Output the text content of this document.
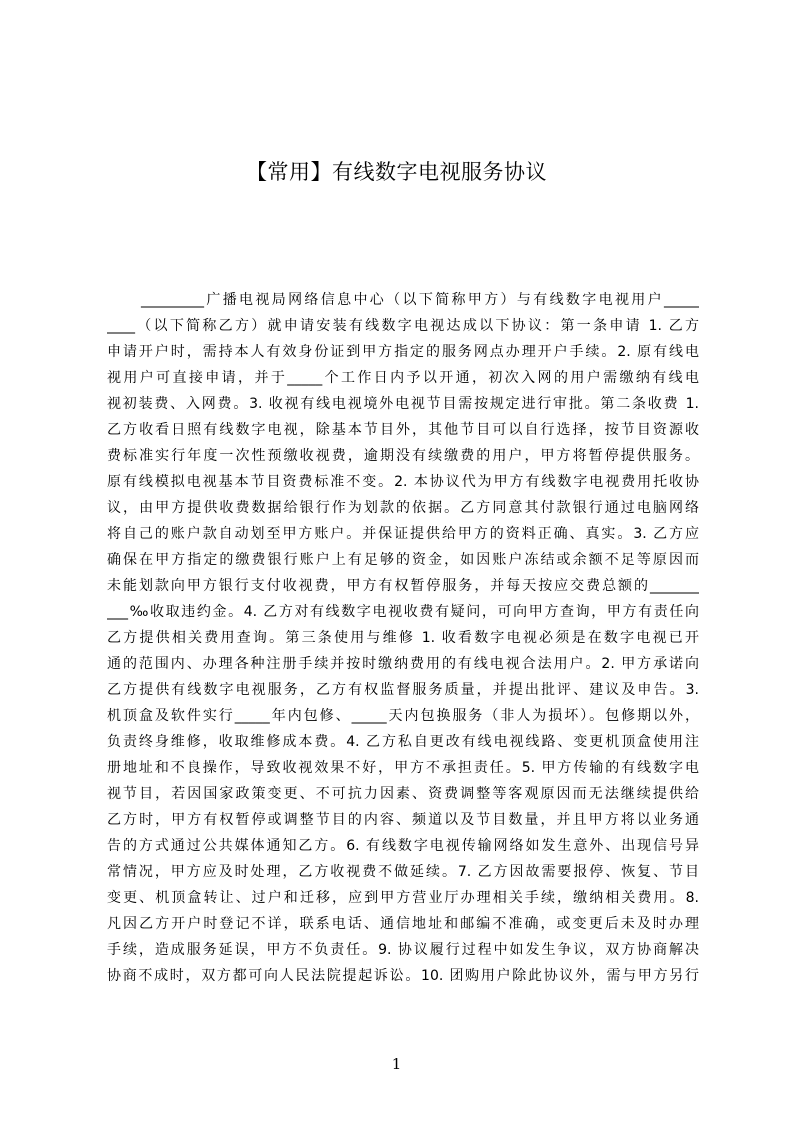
【常用】有线数字电视服务协议
_________广播电视局网络信息中心（以下简称甲方）与有线数字电视用户_____
____（以下简称乙方）就申请安装有线数字电视达成以下协议：第一条申请 1. 乙方
申请开户时，需持本人有效身份证到甲方指定的服务网点办理开户手续。2. 原有线电
视用户可直接申请，并于_____个工作日内予以开通，初次入网的用户需缴纳有线电
视初装费、入网费。3. 收视有线电视境外电视节目需按规定进行审批。第二条收费 1.
乙方收看日照有线数字电视，除基本节目外，其他节目可以自行选择，按节目资源收
费标准实行年度一次性预缴收视费，逾期没有续缴费的用户，甲方将暂停提供服务。
原有线模拟电视基本节目资费标准不变。2. 本协议代为甲方有线数字电视费用托收协
议，由甲方提供收费数据给银行作为划款的依据。乙方同意其付款银行通过电脑网络
将自己的账户款自动划至甲方账户。并保证提供给甲方的资料正确、真实。3. 乙方应
确保在甲方指定的缴费银行账户上有足够的资金，如因账户冻结或余额不足等原因而
未能划款向甲方银行支付收视费，甲方有权暂停服务，并每天按应交费总额的_______
___‰收取违约金。4. 乙方对有线数字电视收费有疑问，可向甲方查询，甲方有责任向
乙方提供相关费用查询。第三条使用与维修 1. 收看数字电视必须是在数字电视已开
通的范围内、办理各种注册手续并按时缴纳费用的有线电视合法用户。2. 甲方承诺向
乙方提供有线数字电视服务，乙方有权监督服务质量，并提出批评、建议及申告。3.
机顶盒及软件实行_____年内包修、_____天内包换服务（非人为损坏）。包修期以外，
负责终身维修，收取维修成本费。4. 乙方私自更改有线电视线路、变更机顶盒使用注
册地址和不良操作，导致收视效果不好，甲方不承担责任。5. 甲方传输的有线数字电
视节目，若因国家政策变更、不可抗力因素、资费调整等客观原因而无法继续提供给
乙方时，甲方有权暂停或调整节目的内容、频道以及节目数量，并且甲方将以业务通
告的方式通过公共媒体通知乙方。6. 有线数字电视传输网络如发生意外、出现信号异
常情况，甲方应及时处理，乙方收视费不做延续。7. 乙方因故需要报停、恢复、节目
变更、机顶盒转让、过户和迁移，应到甲方营业厅办理相关手续，缴纳相关费用。8.
凡因乙方开户时登记不详，联系电话、通信地址和邮编不准确，或变更后未及时办理
手续，造成服务延误，甲方不负责任。9. 协议履行过程中如发生争议，双方协商解决
协商不成时，双方都可向人民法院提起诉讼。10. 团购用户除此协议外，需与甲方另行
1
